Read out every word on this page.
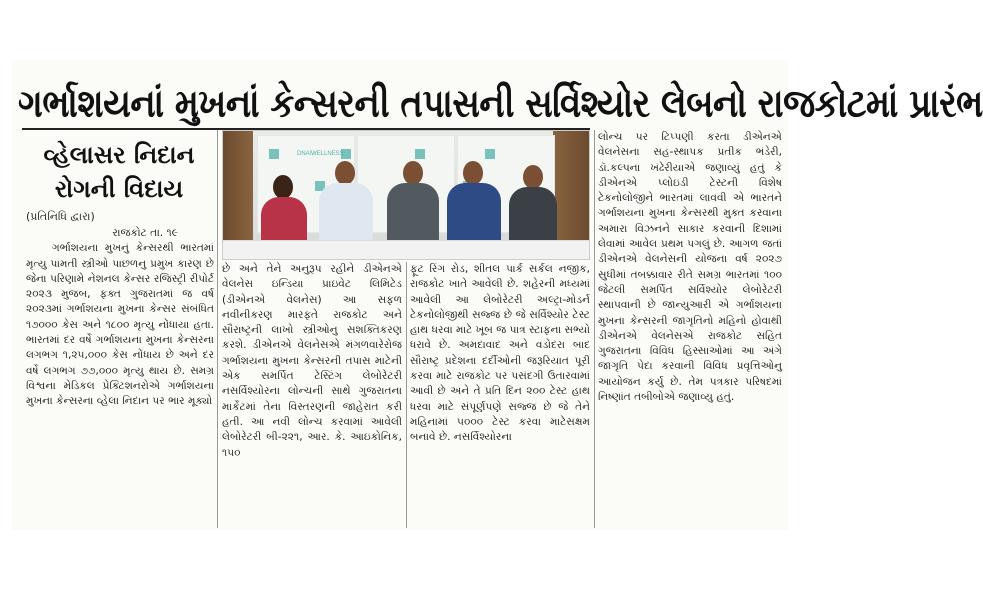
ગર્ભાશયનાં મુખનાં કેન્સરની તપાસની સર્વિશ્યોર લેબનો રાજકોટમાં પ્રારંભ
વ્હેલાસર નિદાન
રોગની વિદાય
(પ્રતિનિધિ દ્વારા)

રાજકોટ તા. ૧૯

ગર્ભાશયના મુખનું કેન્સરથી ભારતમાં મૃત્યુ પામતી સ્ત્રીઓ પાછળનુ પ્રમુખ કારણ છે જેના પરિણામે નેશનલ કેન્સર રજિસ્ટ્રી રીપોર્ટ ૨૦૨૩ મુજબ, ફક્ત ગુજરાતમાં જ વર્ષ ૨૦૨૩માં ગર્ભાશયના મુખના કેન્સર સંબંધિત ૧૭૦૦૦ કેસ અને ૧૮૦૦ મૃત્યુ નોંધાયા હતા. ભારતમાં દર વર્ષે ગર્ભાશયના મુખના કેન્સરના લગભગ ૧,૨૫,૦૦૦ કેસ નોંધાય છે અને દર વર્ષે લગભગ ૭૭,૦૦૦ મૃત્યુ થાય છે. સમગ્ર વિશ્વના મેડિકલ પ્રેક્ટિશનરોએ ગર્ભાશયના મુખના કેન્સરના વ્હેલા નિદાન પર ભાર મૂક્યો

DNAlWELLNESS

છે અને તેને અનુરૂપ રહીને ડીએનએ વેલનેસ ઇન્ડિયા પ્રાઇવેટ લિમિટેડ (ડીએનએ વેલનેસ) આ સફળ નવીનીકરણ મારફતે રાજકોટ અને સૌરાષ્ટ્રની લાખો સ્ત્રીઓનુ સશક્તિકરણ કરશે. ડીએનએ વેલનેસએ મંગળવારેરોજ ગર્ભાશયના મુખના કેન્સરની તપાસ માટેની એક સમર્પિત ટેસ્ટિંગ લેબોરેટરી નસર્વિશ્યોરના લોન્ચની સાથે ગુજરાતના માર્કેટમાં તેના વિસ્તરણની જાહેરાત કરી હતી. આ નવી લોન્ચ કરવામાં આવેલી લેબોરેટરી બી-૨૨૧, આર. કે. આઇકોનિક, ૧૫૦

ફૂટ રિંગ રોડ, શીતલ પાર્ક સર્કલ નજીક, રાજકોટ ખાતે આવેલી છે. શહેરની મધ્યમાં આવેલી આ લેબોરેટરી અલ્ટ્રા-મોડર્ન ટેકનોલોજીથી સજ્જ છે જે સર્વિશ્યોર ટેસ્ટ હાથ ધરવા માટે ખૂબ જ પાત્ર સ્ટાફના સભ્યો ધરાવે છે. અમદાવાદ અને વડોદરા બાદ સૌરાષ્ટ્ર પ્રદેશના દર્દીઓની જરૂરિયાત પૂરી કરવા માટે રાજકોટ પર પસંદગી ઉતારવામાં આવી છે અને તે પ્રતિ દિન ૨૦૦ ટેસ્ટ હાથ ધરવા માટે સંપૂર્ણપણે સજ્જ છે જે તેને મહિનામાં ૫૦૦૦ ટેસ્ટ કરવા માટેસક્ષમ બનાવે છે. નસર્વિશ્યોરના

લોન્ચ પર ટિપ્પણી કરતા ડીએનએ વેલનેસના સહ-સ્થાપક પ્રતીક ભંડેરી, ડૉ.કલ્પના ખંઢેરીયાએ જણાવ્યું હતું કે ડીએનએ પ્લોઇડી ટેસ્ટની વિશેષ ટેકનોલોજીને ભારતમાં લાવવી એ ભારતને ગર્ભાશયના મુખના કેન્સરથી મુક્ત કરવાના અમારા વિઝનને સાકાર કરવાની દિશામાં લેવામાં આવેલ પ્રથમ પગલું છે. આગળ જતાં ડીએનએ વેલનેસની યોજના વર્ષ ૨૦૨૭ સુધીમાં તબક્કાવાર રીતે સમગ્ર ભારતમાં ૧૦૦ જેટલી સમર્પિત સર્વિશ્યોર લેબોરેટરી સ્થાપવાની છે જાન્યુઆરી એ ગર્ભાશયના મુખના કેન્સરની જાગૃતિનો મહિનો હોવાથી ડીએનએ વેલનેસએ રાજકોટ સહિત ગુજરાતના વિવિધ હિસ્સાઓમાં આ અંગે જાગૃતિ પેદા કરવાની વિવિધ પ્રવૃત્તિઓનુ આયોજન કર્યુ છે. તેમ પત્રકાર પરિષદમાં નિષ્ણાંત તબીબોએ જણાવ્યુ હતું.
